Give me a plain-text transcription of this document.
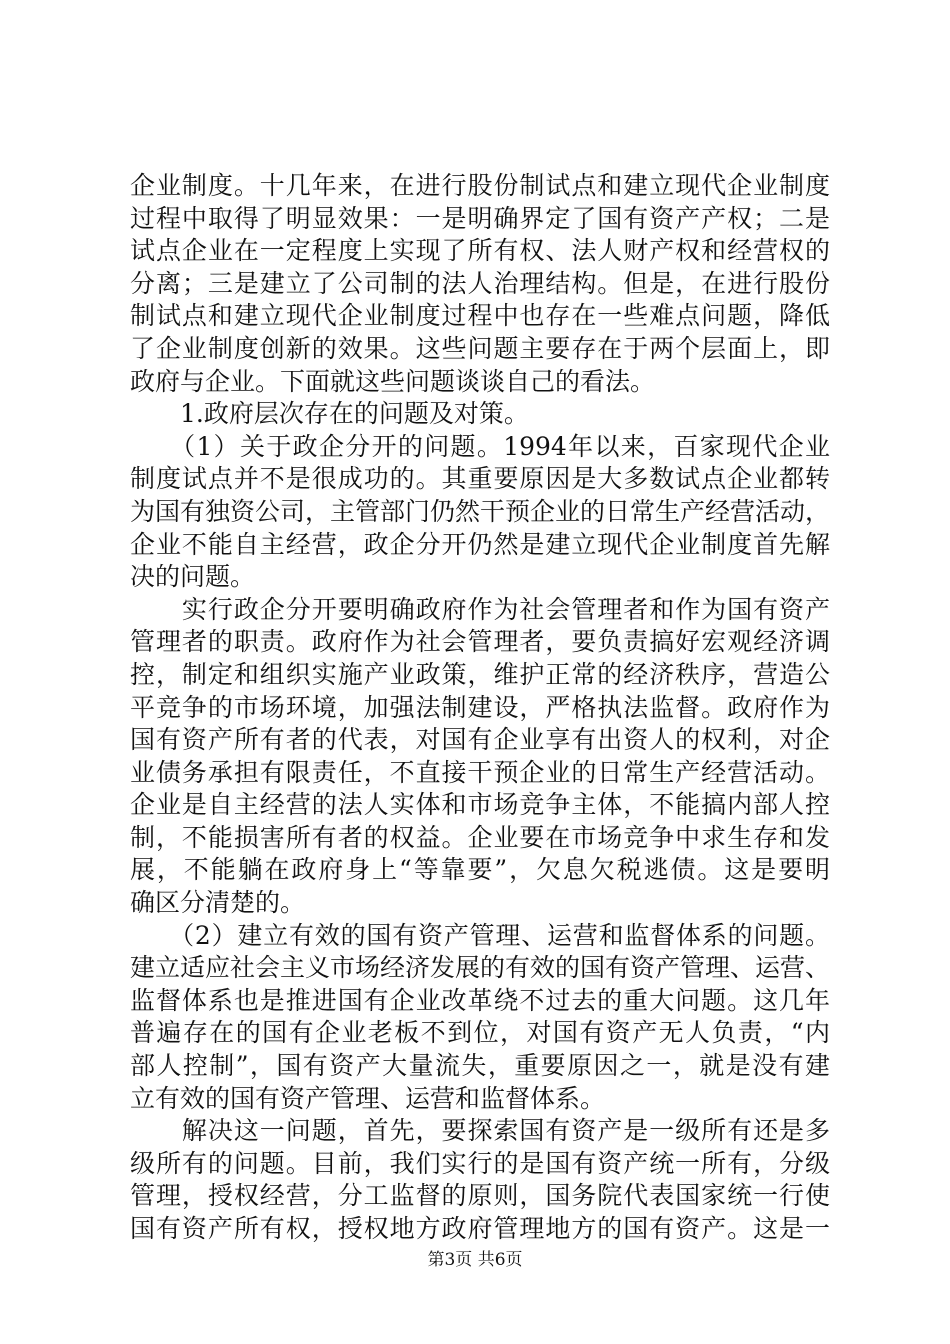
企业制度。十几年来，在进行股份制试点和建立现代企业制度
过程中取得了明显效果：一是明确界定了国有资产产权；二是
试点企业在一定程度上实现了所有权、法人财产权和经营权的
分离；三是建立了公司制的法人治理结构。但是，在进行股份
制试点和建立现代企业制度过程中也存在一些难点问题，降低
了企业制度创新的效果。这些问题主要存在于两个层面上，即
政府与企业。下面就这些问题谈谈自己的看法。
　　1.政府层次存在的问题及对策。
　　（1）关于政企分开的问题。1994年以来，百家现代企业
制度试点并不是很成功的。其重要原因是大多数试点企业都转
为国有独资公司，主管部门仍然干预企业的日常生产经营活动，
企业不能自主经营，政企分开仍然是建立现代企业制度首先解
决的问题。
　　实行政企分开要明确政府作为社会管理者和作为国有资产
管理者的职责。政府作为社会管理者，要负责搞好宏观经济调
控，制定和组织实施产业政策，维护正常的经济秩序，营造公
平竞争的市场环境，加强法制建设，严格执法监督。政府作为
国有资产所有者的代表，对国有企业享有出资人的权利，对企
业债务承担有限责任，不直接干预企业的日常生产经营活动。
企业是自主经营的法人实体和市场竞争主体，不能搞内部人控
制，不能损害所有者的权益。企业要在市场竞争中求生存和发
展，不能躺在政府身上“等靠要”，欠息欠税逃债。这是要明
确区分清楚的。
　　（2）建立有效的国有资产管理、运营和监督体系的问题。
建立适应社会主义市场经济发展的有效的国有资产管理、运营、
监督体系也是推进国有企业改革绕不过去的重大问题。这几年
普遍存在的国有企业老板不到位，对国有资产无人负责，“内
部人控制”，国有资产大量流失，重要原因之一，就是没有建
立有效的国有资产管理、运营和监督体系。
　　解决这一问题，首先，要探索国有资产是一级所有还是多
级所有的问题。目前，我们实行的是国有资产统一所有，分级
管理，授权经营，分工监督的原则，国务院代表国家统一行使
国有资产所有权，授权地方政府管理地方的国有资产。这是一
第3页 共6页
